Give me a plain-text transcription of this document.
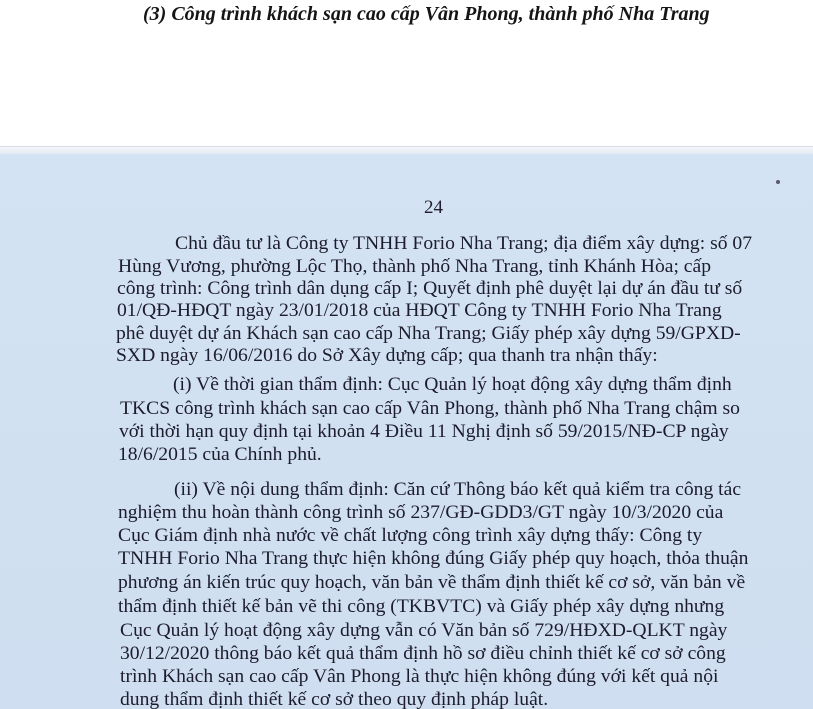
(3) Công trình khách sạn cao cấp Vân Phong, thành phố Nha Trang
24
Chủ đầu tư là Công ty TNHH Forio Nha Trang; địa điểm xây dựng: số 07
Hùng Vương, phường Lộc Thọ, thành phố Nha Trang, tỉnh Khánh Hòa; cấp
công trình: Công trình dân dụng cấp I; Quyết định phê duyệt lại dự án đầu tư số
01/QĐ-HĐQT ngày 23/01/2018 của HĐQT Công ty TNHH Forio Nha Trang
phê duyệt dự án Khách sạn cao cấp Nha Trang; Giấy phép xây dựng 59/GPXD-
SXD ngày 16/06/2016 do Sở Xây dựng cấp; qua thanh tra nhận thấy:
(i) Về thời gian thẩm định: Cục Quản lý hoạt động xây dựng thẩm định
TKCS công trình khách sạn cao cấp Vân Phong, thành phố Nha Trang chậm so
với thời hạn quy định tại khoản 4 Điều 11 Nghị định số 59/2015/NĐ-CP ngày
18/6/2015 của Chính phủ.
(ii) Về nội dung thẩm định: Căn cứ Thông báo kết quả kiểm tra công tác
nghiệm thu hoàn thành công trình số 237/GĐ-GDD3/GT ngày 10/3/2020 của
Cục Giám định nhà nước về chất lượng công trình xây dựng thấy: Công ty
TNHH Forio Nha Trang thực hiện không đúng Giấy phép quy hoạch, thỏa thuận
phương án kiến trúc quy hoạch, văn bản về thẩm định thiết kế cơ sở, văn bản về
thẩm định thiết kế bản vẽ thi công (TKBVTC) và Giấy phép xây dựng nhưng
Cục Quản lý hoạt động xây dựng vẫn có Văn bản số 729/HĐXD-QLKT ngày
30/12/2020 thông báo kết quả thẩm định hồ sơ điều chỉnh thiết kế cơ sở công
trình Khách sạn cao cấp Vân Phong là thực hiện không đúng với kết quả nội
dung thẩm định thiết kế cơ sở theo quy định pháp luật.
